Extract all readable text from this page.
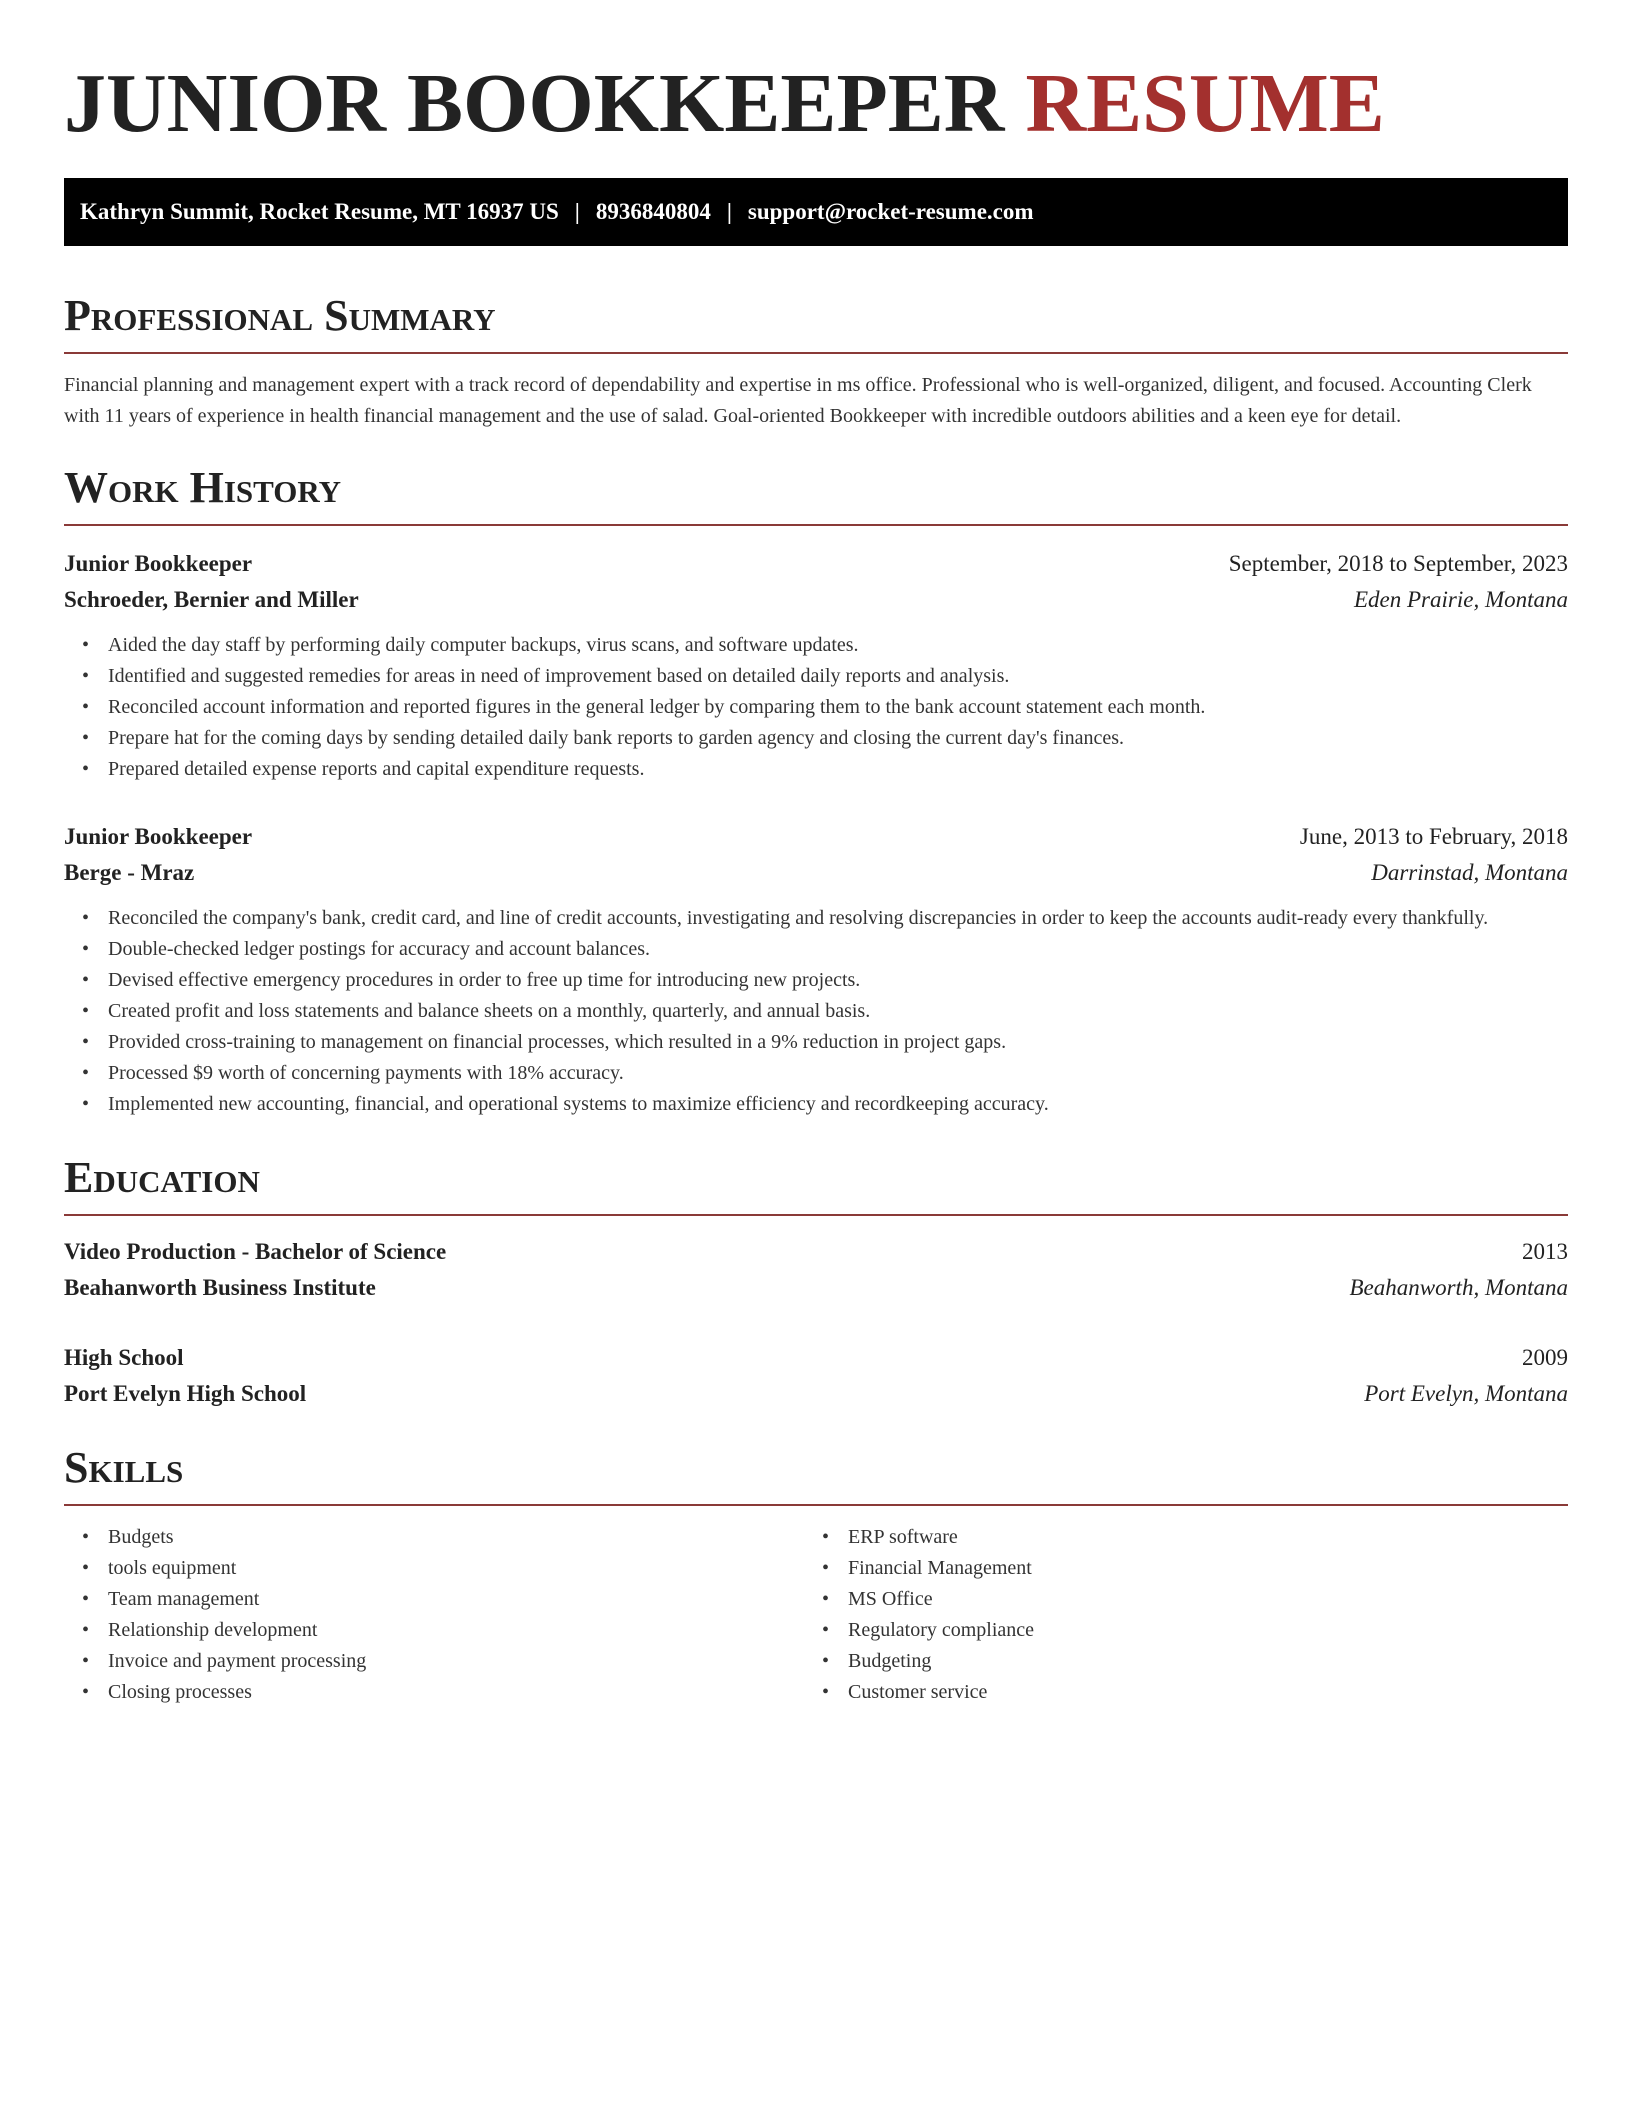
JUNIOR BOOKKEEPER RESUME
Kathryn Summit, Rocket Resume, MT 16937 US | 8936840804 | support@rocket-resume.com
Professional Summary

Financial planning and management expert with a track record of dependability and expertise in ms office. Professional who is well-organized, diligent, and focused. Accounting Clerk with 11 years of experience in health financial management and the use of salad. Goal-oriented Bookkeeper with incredible outdoors abilities and a keen eye for detail.

Work History
Junior Bookkeeper	September, 2018 to September, 2023
Schroeder, Bernier and Miller	Eden Prairie, Montana
• Aided the day staff by performing daily computer backups, virus scans, and software updates.
• Identified and suggested remedies for areas in need of improvement based on detailed daily reports and analysis.
• Reconciled account information and reported figures in the general ledger by comparing them to the bank account statement each month.
• Prepare hat for the coming days by sending detailed daily bank reports to garden agency and closing the current day's finances.
• Prepared detailed expense reports and capital expenditure requests.
Junior Bookkeeper	June, 2013 to February, 2018
Berge - Mraz	Darrinstad, Montana
• Reconciled the company's bank, credit card, and line of credit accounts, investigating and resolving discrepancies in order to keep the accounts audit-ready every thankfully.
• Double-checked ledger postings for accuracy and account balances.
• Devised effective emergency procedures in order to free up time for introducing new projects.
• Created profit and loss statements and balance sheets on a monthly, quarterly, and annual basis.
• Provided cross-training to management on financial processes, which resulted in a 9% reduction in project gaps.
• Processed $9 worth of concerning payments with 18% accuracy.
• Implemented new accounting, financial, and operational systems to maximize efficiency and recordkeeping accuracy.
Education
Video Production - Bachelor of Science	2013
Beahanworth Business Institute	Beahanworth, Montana
High School	2009
Port Evelyn High School	Port Evelyn, Montana
Skills
• Budgets
• tools equipment
• Team management
• Relationship development
• Invoice and payment processing
• Closing processes
• ERP software
• Financial Management
• MS Office
• Regulatory compliance
• Budgeting
• Customer service
